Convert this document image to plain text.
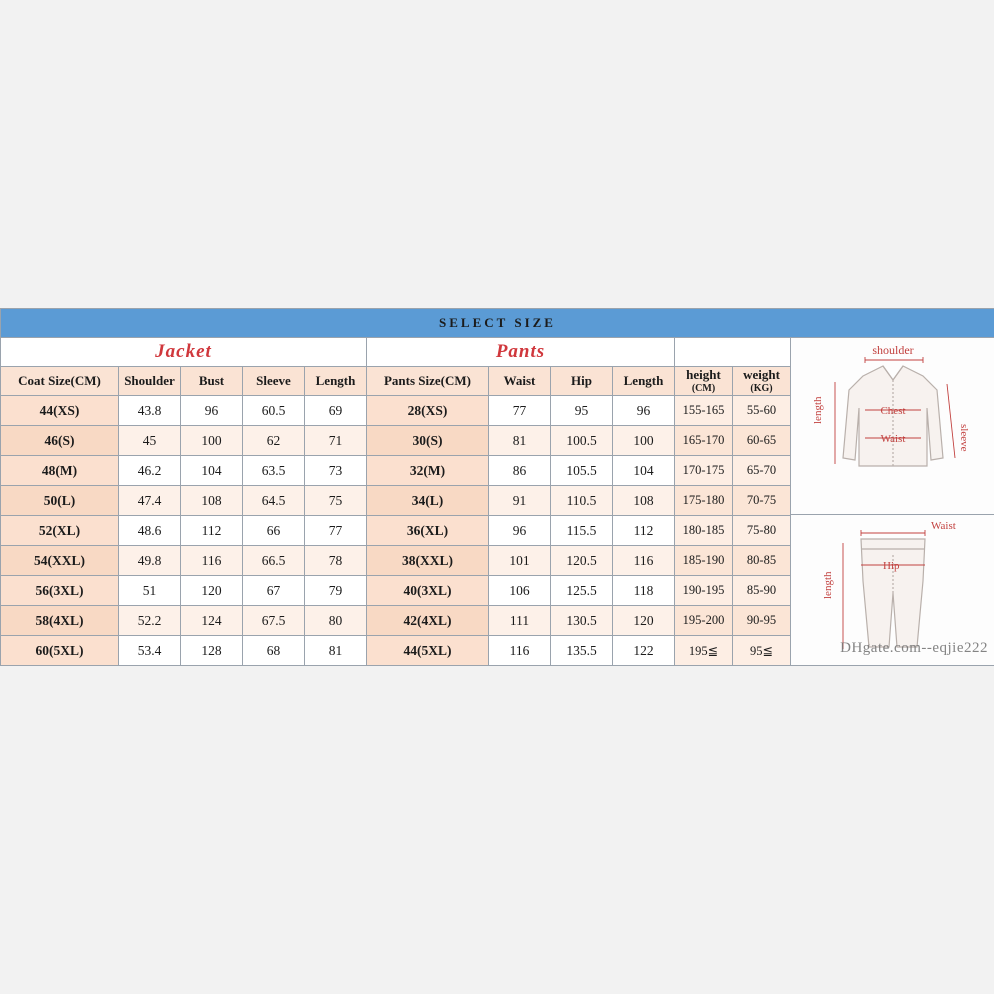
SELECT SIZE											
Jacket	Pants		shoulder
sleeve
length	Chest
Waist
Waist
Hip
length
DHgate.com--eqjie222

Coat Size(CM)	Shoulder	Bust	Sleeve	Length	Pants Size(CM)	Waist	Hip	Length	height
(CM)	weight
(KG)	

44(XS)	43.8	96	60.5	69	28(XS)	77	95	96	155-165	55-60	
46(S)	45	100	62	71	30(S)	81	100.5	100	165-170	60-65	
48(M)	46.2	104	63.5	73	32(M)	86	105.5	104	170-175	65-70	
50(L)	47.4	108	64.5	75	34(L)	91	110.5	108	175-180	70-75	
52(XL)	48.6	112	66	77	36(XL)	96	115.5	112	180-185	75-80	
54(XXL)	49.8	116	66.5	78	38(XXL)	101	120.5	116	185-190	80-85	
56(3XL)	51	120	67	79	40(3XL)	106	125.5	118	190-195	85-90	
58(4XL)	52.2	124	67.5	80	42(4XL)	111	130.5	120	195-200	90-95	
60(5XL)	53.4	128	68	81	44(5XL)	116	135.5	122	195≦	95≦	
